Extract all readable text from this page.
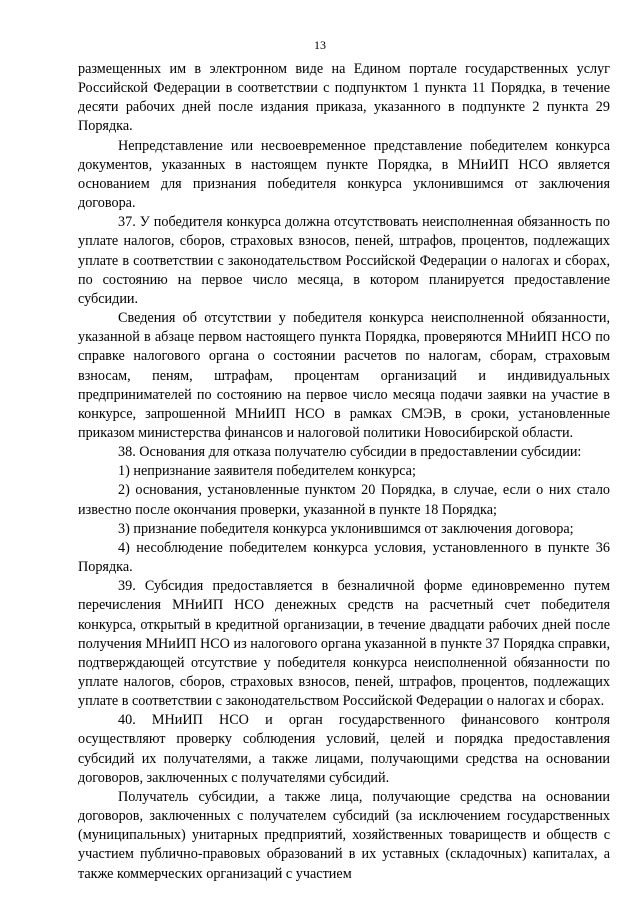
13

размещенных им в электронном виде на Едином портале государственных услуг Российской Федерации в соответствии с подпунктом 1 пункта 11 Порядка, в течение десяти рабочих дней после издания приказа, указанного в подпункте 2 пункта 29 Порядка.

Непредставление или несвоевременное представление победителем конкурса документов, указанных в настоящем пункте Порядка, в МНиИП НСО является основанием для признания победителя конкурса уклонившимся от заключения договора.

37. У победителя конкурса должна отсутствовать неисполненная обязанность по уплате налогов, сборов, страховых взносов, пеней, штрафов, процентов, подлежащих уплате в соответствии с законодательством Российской Федерации о налогах и сборах, по состоянию на первое число месяца, в котором планируется предоставление субсидии.

Сведения об отсутствии у победителя конкурса неисполненной обязанности, указанной в абзаце первом настоящего пункта Порядка, проверяются МНиИП НСО по справке налогового органа о состоянии расчетов по налогам, сборам, страховым взносам, пеням, штрафам, процентам организаций и индивидуальных предпринимателей по состоянию на первое число месяца подачи заявки на участие в конкурсе, запрошенной МНиИП НСО в рамках СМЭВ, в сроки, установленные приказом министерства финансов и налоговой политики Новосибирской области.

38. Основания для отказа получателю субсидии в предоставлении субсидии:

1) непризнание заявителя победителем конкурса;

2) основания, установленные пунктом 20 Порядка, в случае, если о них стало известно после окончания проверки, указанной в пункте 18 Порядка;

3) признание победителя конкурса уклонившимся от заключения договора;

4) несоблюдение победителем конкурса условия, установленного в пункте 36 Порядка.

39. Субсидия предоставляется в безналичной форме единовременно путем перечисления МНиИП НСО денежных средств на расчетный счет победителя конкурса, открытый в кредитной организации, в течение двадцати рабочих дней после получения МНиИП НСО из налогового органа указанной в пункте 37 Порядка справки, подтверждающей отсутствие у победителя конкурса неисполненной обязанности по уплате налогов, сборов, страховых взносов, пеней, штрафов, процентов, подлежащих уплате в соответствии с законодательством Российской Федерации о налогах и сборах.

40. МНиИП НСО и орган государственного финансового контроля осуществляют проверку соблюдения условий, целей и порядка предоставления субсидий их получателями, а также лицами, получающими средства на основании договоров, заключенных с получателями субсидий.

Получатель субсидии, а также лица, получающие средства на основании договоров, заключенных с получателем субсидий (за исключением государственных (муниципальных) унитарных предприятий, хозяйственных товариществ и обществ с участием публично-правовых образований в их уставных (складочных) капиталах, а также коммерческих организаций с участием
